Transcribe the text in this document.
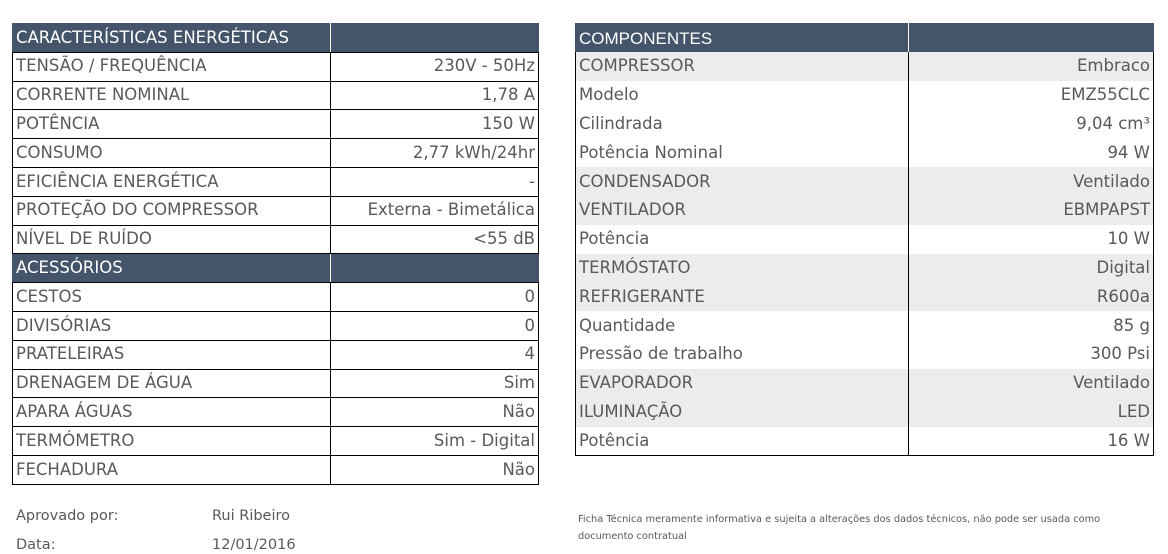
CARACTERÍSTICAS ENERGÉTICAS	
TENSÃO / FREQUÊNCIA	230V - 50Hz
CORRENTE NOMINAL	1,78 A
POTÊNCIA	150 W
CONSUMO	2,77 kWh/24hr
EFICIÊNCIA ENERGÉTICA	-
PROTEÇÃO DO COMPRESSOR	Externa - Bimetálica
NÍVEL DE RUÍDO	<55 dB
ACESSÓRIOS	
CESTOS	0
DIVISÓRIAS	0
PRATELEIRAS	4
DRENAGEM DE ÁGUA	Sim
APARA ÁGUAS	Não
TERMÓMETRO	Sim - Digital
FECHADURA	Não
COMPONENTES	
COMPRESSOR	Embraco
Modelo	EMZ55CLC
Cilindrada	9,04 cm³
Potência Nominal	94 W
CONDENSADOR	Ventilado
VENTILADOR	EBMPAPST
Potência	10 W
TERMÓSTATO	Digital
REFRIGERANTE	R600a
Quantidade	85 g
Pressão de trabalho	300 Psi
EVAPORADOR	Ventilado
ILUMINAÇÃO	LED
Potência	16 W
Aprovado por:	Rui Ribeiro
Data:	12/01/2016
Ficha Técnica meramente informativa e sujeita a alterações dos dados técnicos, não pode ser usada como documento contratual
